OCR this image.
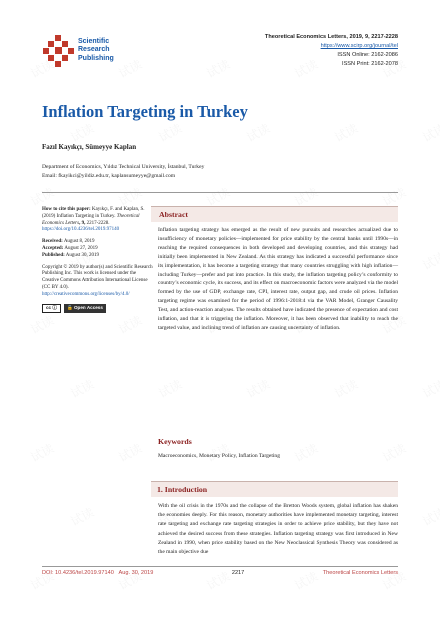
Scientific
Research
Publishing
Theoretical Economics Letters, 2019, 9, 2217-2228
https://www.scirp.org/journal/tel
ISSN Online: 2162-2086
ISSN Print: 2162-2078
Inflation Targeting in Turkey
Fazıl Kayıkçı, Sümeyye Kaplan
Department of Economics, Yıldız Technical University, İstanbul, Turkey
Email: fkayikci@yildiz.edu.tr, kaplansumeyye@gmail.com

How to cite this paper: Kayıkçı, F. and Kaplan, S. (2019) Inflation Targeting in Turkey. Theoretical Economics Letters, 9, 2217-2228. https://doi.org/10.4236/tel.2019.97140

Received: August 8, 2019
Accepted: August 27, 2019
Published: August 30, 2019

Copyright © 2019 by author(s) and Scientific Research Publishing Inc. This work is licensed under the Creative Commons Attribution International License (CC BY 4.0).
http://creativecommons.org/licenses/by/4.0/

cc ⓘ	🔓 Open Access
Abstract
Inflation targeting strategy has emerged as the result of new pursuits and researches actualized due to insufficiency of monetary policies—implemented for price stability by the central banks until 1990s—in reaching the required consequences in both developed and developing countries, and this strategy had initially been implemented in New Zealand. As this strategy has indicated a successful performance since its implementation, it has become a targeting strategy that many countries struggling with high inflation—including Turkey—prefer and put into practice. In this study, the inflation targeting policy’s conformity to country’s economic cycle, its success, and its effect on macroeconomic factors were analyzed via the model formed by the use of GDP, exchange rate, CPI, interest rate, output gap, and crude oil prices. Inflation targeting regime was examined for the period of 1996:1-2018:4 via the VAR Model, Granger Causality Test, and action-reaction analyses. The results obtained have indicated the presence of expectation and cost inflation, and that it is triggering the inflation. Moreover, it has been observed that inability to reach the targeted value, and inclining trend of inflation are causing uncertainty of inflation.
Keywords
Macroeconomics, Monetary Policy, Inflation Targeting
1. Introduction
With the oil crisis in the 1970s and the collapse of the Bretton Woods system, global inflation has shaken the economies deeply. For this reason, monetary authorities have implemented monetary targeting, interest rate targeting and exchange rate targeting strategies in order to achieve price stability, but they have not achieved the desired success from these strategies. Inflation targeting strategy was first introduced in New Zealand in 1990, when price stability based on the New Neoclassical Synthesis Theory was considered as the main objective due
DOI: 10.4236/tel.2019.97140 Aug. 30, 2019	2217	Theoretical Economics Letters
